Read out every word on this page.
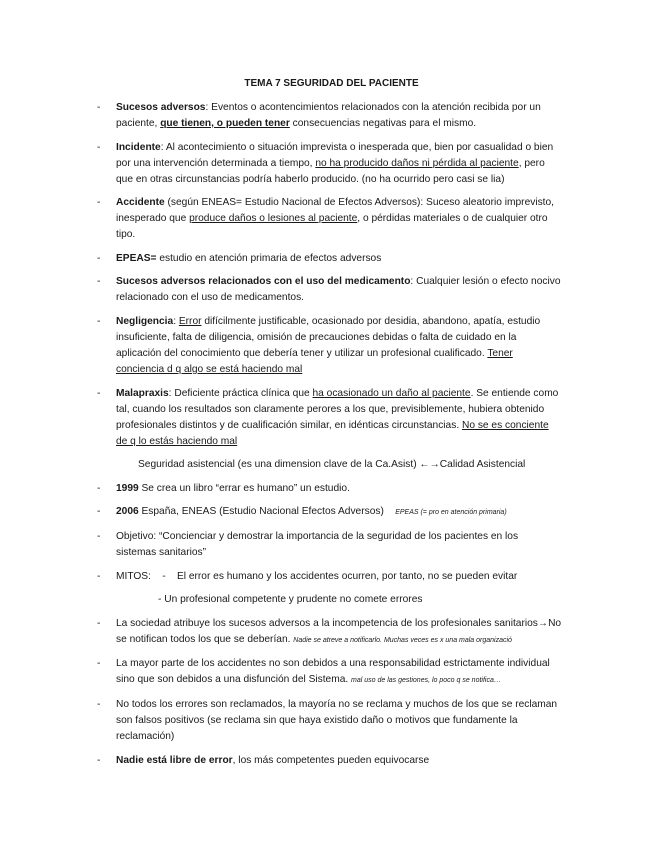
TEMA 7 SEGURIDAD DEL PACIENTE
- Sucesos adversos: Eventos o acontencimientos relacionados con la atención recibida por un
paciente, que tienen, o pueden tener consecuencias negativas para el mismo.
- Incidente: Al acontecimiento o situación imprevista o inesperada que, bien por casualidad o bien
por una intervención determinada a tiempo, no ha producido daños ni pérdida al paciente, pero
que en otras circunstancias podría haberlo producido. (no ha ocurrido pero casi se lia)
- Accidente (según ENEAS= Estudio Nacional de Efectos Adversos): Suceso aleatorio imprevisto,
inesperado que produce daños o lesiones al paciente, o pérdidas materiales o de cualquier otro
tipo.
- EPEAS= estudio en atención primaria de efectos adversos
- Sucesos adversos relacionados con el uso del medicamento: Cualquier lesión o efecto nocivo
relacionado con el uso de medicamentos.
- Negligencia: Error difícilmente justificable, ocasionado por desidia, abandono, apatía, estudio
insuficiente, falta de diligencia, omisión de precauciones debidas o falta de cuidado en la
aplicación del conocimiento que debería tener y utilizar un profesional cualificado. Tener
conciencia d q algo se está haciendo mal
- Malapraxis: Deficiente práctica clínica que ha ocasionado un daño al paciente. Se entiende como
tal, cuando los resultados son claramente perores a los que, previsiblemente, hubiera obtenido
profesionales distintos y de cualificación similar, en idénticas circunstancias. No se es conciente
de q lo estás haciendo mal
Seguridad asistencial (es una dimension clave de la Ca.Asist) ←→Calidad Asistencial
- 1999 Se crea un libro “errar es humano” un estudio.
- 2006 España, ENEAS (Estudio Nacional Efectos Adversos)    EPEAS (= pro en atención primaria)
- Objetivo: “Concienciar y demostrar la importancia de la seguridad de los pacientes en los
sistemas sanitarios”
- MITOS:    -    El error es humano y los accidentes ocurren, por tanto, no se pueden evitar
- Un profesional competente y prudente no comete errores
- La sociedad atribuye los sucesos adversos a la incompetencia de los profesionales sanitarios→No
se notifican todos los que se deberían. Nadie se atreve a notificarlo. Muchas veces es x una mala organizació
- La mayor parte de los accidentes no son debidos a una responsabilidad estrictamente individual
sino que son debidos a una disfunción del Sistema. mal uso de las gestiones, lo poco q se notifica…
- No todos los errores son reclamados, la mayoría no se reclama y muchos de los que se reclaman
son falsos positivos (se reclama sin que haya existido daño o motivos que fundamente la
reclamación)
- Nadie está libre de error, los más competentes pueden equivocarse
